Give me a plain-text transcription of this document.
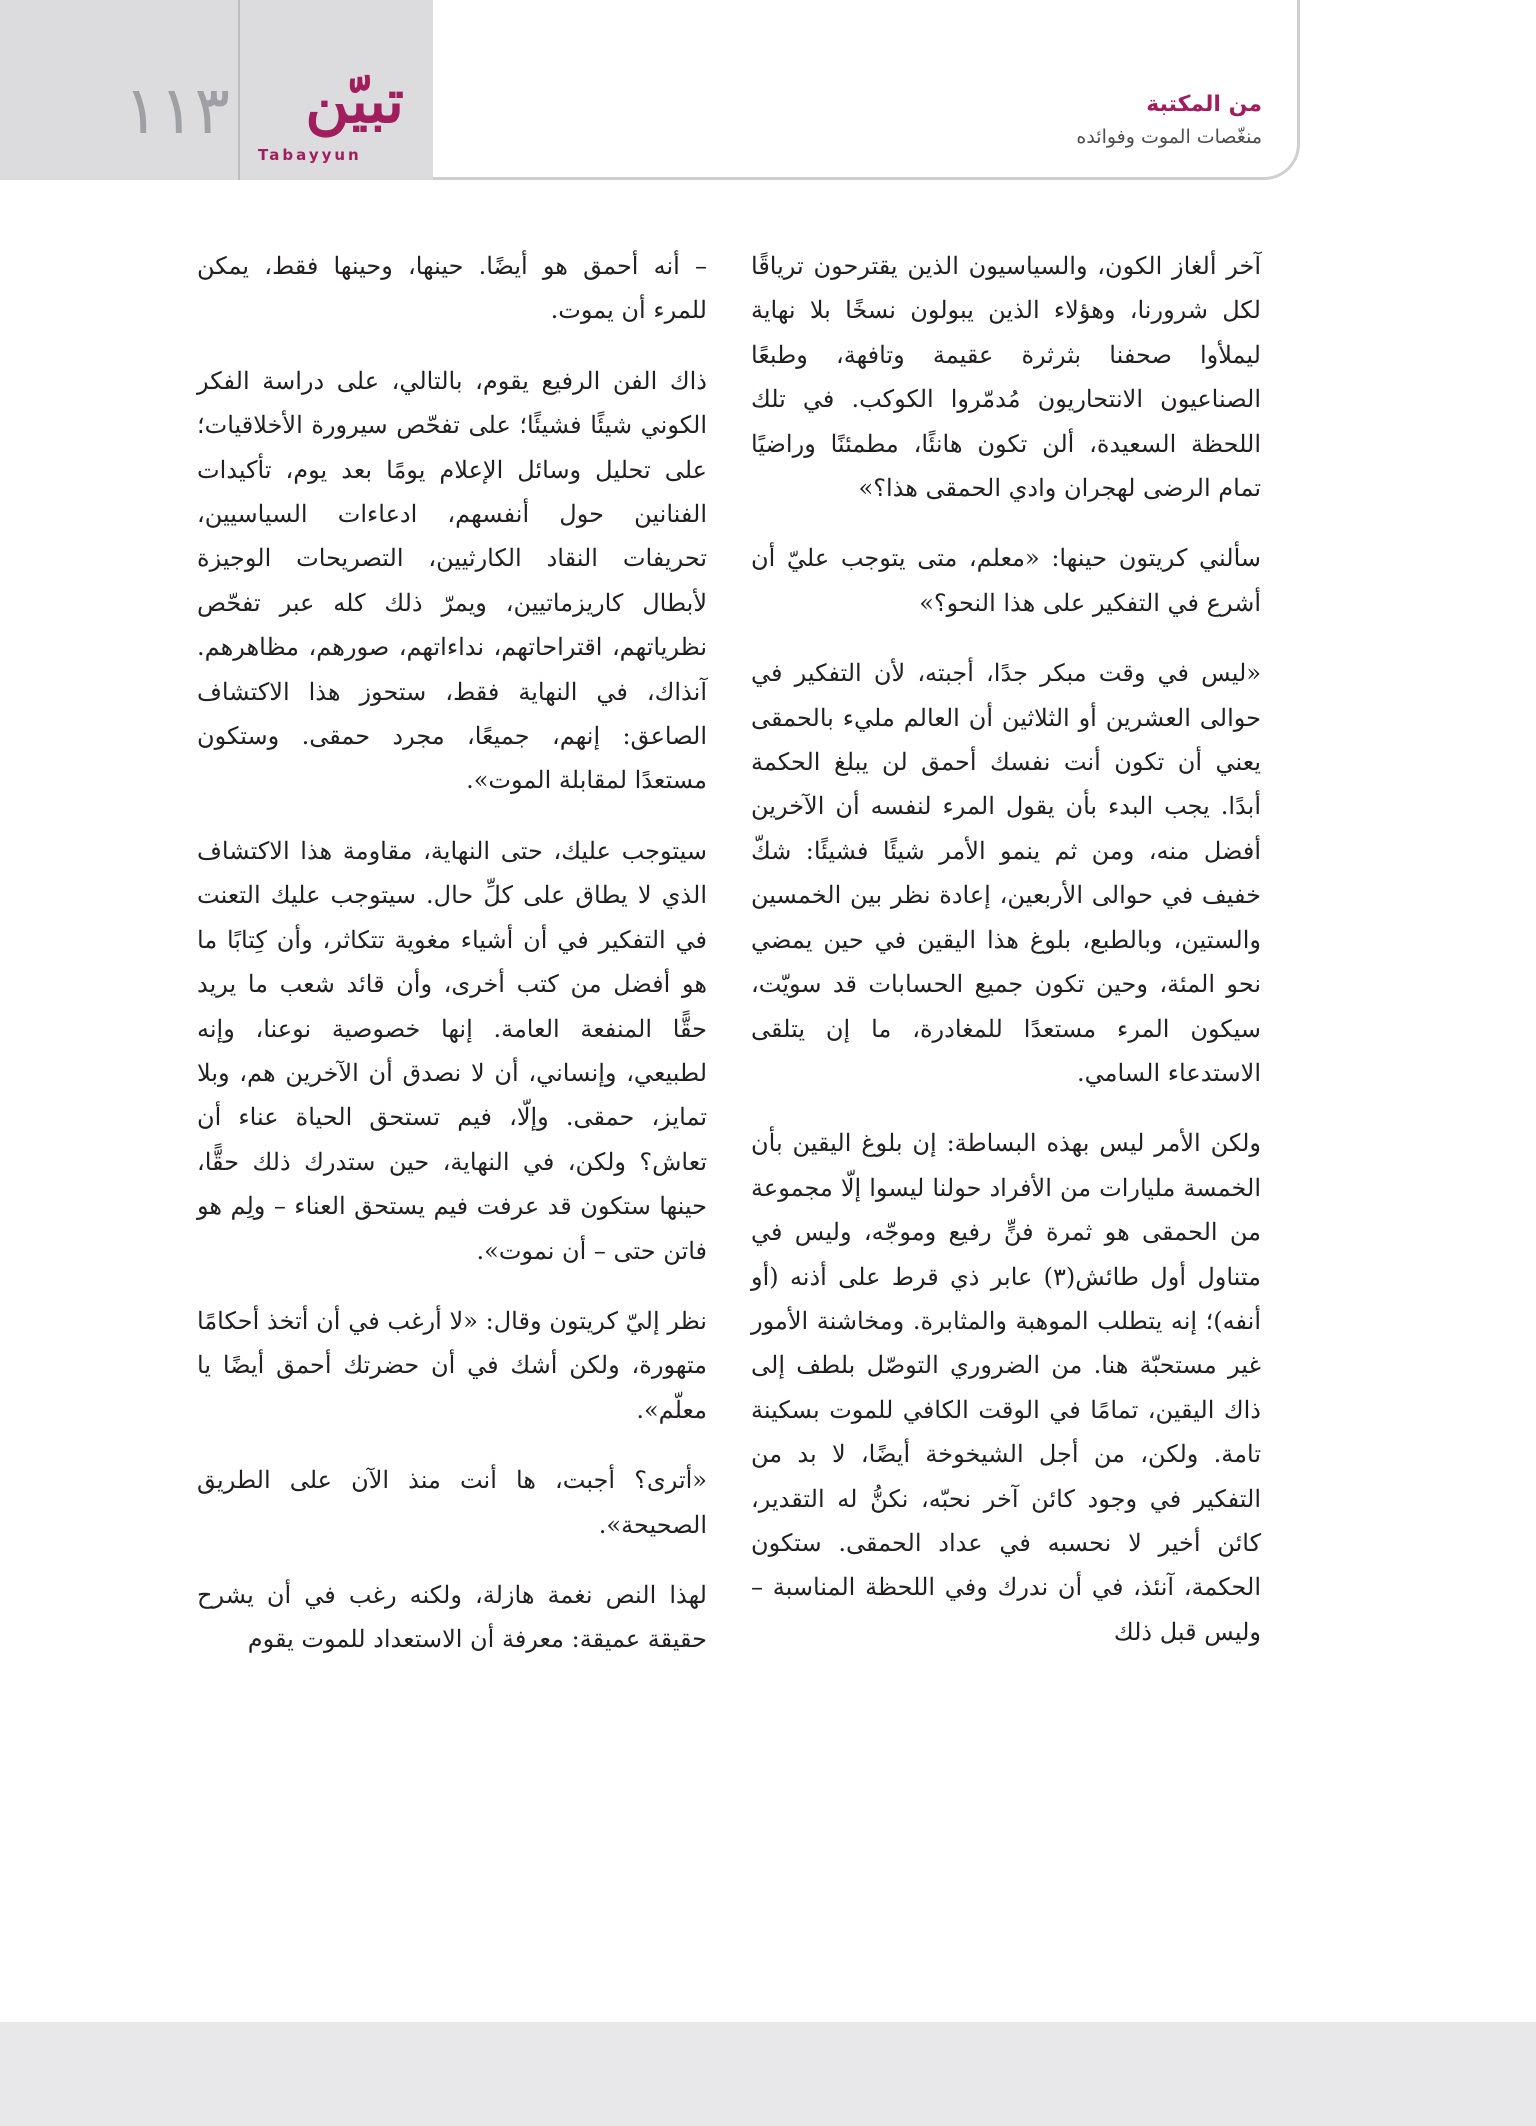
١١٣ تبيّن
Tabayyun
من المكتبة
منغّصات الموت وفوائده

آخر ألغاز الكون، والسياسيون الذين يقترحون ترياقًا لكل شرورنا، وهؤلاء الذين يبولون نسخًا بلا نهاية ليملأوا صحفنا بثرثرة عقيمة وتافهة، وطبعًا الصناعيون الانتحاريون مُدمّروا الكوكب. في تلك اللحظة السعيدة، ألن تكون هانئًا، مطمئنًا وراضيًا تمام الرضى لهجران وادي الحمقى هذا؟»

سألني كريتون حينها: «معلم، متى يتوجب عليّ أن أشرع في التفكير على هذا النحو؟»

«ليس في وقت مبكر جدًا، أجبته، لأن التفكير في حوالى العشرين أو الثلاثين أن العالم مليء بالحمقى يعني أن تكون أنت نفسك أحمق لن يبلغ الحكمة أبدًا. يجب البدء بأن يقول المرء لنفسه أن الآخرين أفضل منه، ومن ثم ينمو الأمر شيئًا فشيئًا: شكّ خفيف في حوالى الأربعين، إعادة نظر بين الخمسين والستين، وبالطبع، بلوغ هذا اليقين في حين يمضي نحو المئة، وحين تكون جميع الحسابات قد سويّت، سيكون المرء مستعدًا للمغادرة، ما إن يتلقى الاستدعاء السامي.

ولكن الأمر ليس بهذه البساطة: إن بلوغ اليقين بأن الخمسة مليارات من الأفراد حولنا ليسوا إلّا مجموعة من الحمقى هو ثمرة فنٍّ رفيع وموجّه، وليس في متناول أول طائش(٣) عابر ذي قرط على أذنه (أو أنفه)؛ إنه يتطلب الموهبة والمثابرة. ومخاشنة الأمور غير مستحبّة هنا. من الضروري التوصّل بلطف إلى ذاك اليقين، تمامًا في الوقت الكافي للموت بسكينة تامة. ولكن، من أجل الشيخوخة أيضًا، لا بد من التفكير في وجود كائن آخر نحبّه، نكنُّ له التقدير، كائن أخير لا نحسبه في عداد الحمقى. ستكون الحكمة، آنئذ، في أن ندرك وفي اللحظة المناسبة – وليس قبل ذلك

– أنه أحمق هو أيضًا. حينها، وحينها فقط، يمكن للمرء أن يموت.

ذاك الفن الرفيع يقوم، بالتالي، على دراسة الفكر الكوني شيئًا فشيئًا؛ على تفحّص سيرورة الأخلاقيات؛ على تحليل وسائل الإعلام يومًا بعد يوم، تأكيدات الفنانين حول أنفسهم، ادعاءات السياسيين، تحريفات النقاد الكارثيين، التصريحات الوجيزة لأبطال كاريزماتيين، ويمرّ ذلك كله عبر تفحّص نظرياتهم، اقتراحاتهم، نداءاتهم، صورهم، مظاهرهم. آنذاك، في النهاية فقط، ستحوز هذا الاكتشاف الصاعق: إنهم، جميعًا، مجرد حمقى. وستكون مستعدًا لمقابلة الموت».

سيتوجب عليك، حتى النهاية، مقاومة هذا الاكتشاف الذي لا يطاق على كلِّ حال. سيتوجب عليك التعنت في التفكير في أن أشياء مغوية تتكاثر، وأن كِتابًا ما هو أفضل من كتب أخرى، وأن قائد شعب ما يريد حقًّا المنفعة العامة. إنها خصوصية نوعنا، وإنه لطبيعي، وإنساني، أن لا نصدق أن الآخرين هم، وبلا تمايز، حمقى. وإلّا، فيم تستحق الحياة عناء أن تعاش؟ ولكن، في النهاية، حين ستدرك ذلك حقًّا، حينها ستكون قد عرفت فيم يستحق العناء – ولِم هو فاتن حتى – أن نموت».

نظر إليّ كريتون وقال: «لا أرغب في أن أتخذ أحكامًا متهورة، ولكن أشك في أن حضرتك أحمق أيضًا يا معلّم».

«أترى؟ أجبت، ها أنت منذ الآن على الطريق الصحيحة».

لهذا النص نغمة هازلة، ولكنه رغب في أن يشرح حقيقة عميقة: معرفة أن الاستعداد للموت يقوم
